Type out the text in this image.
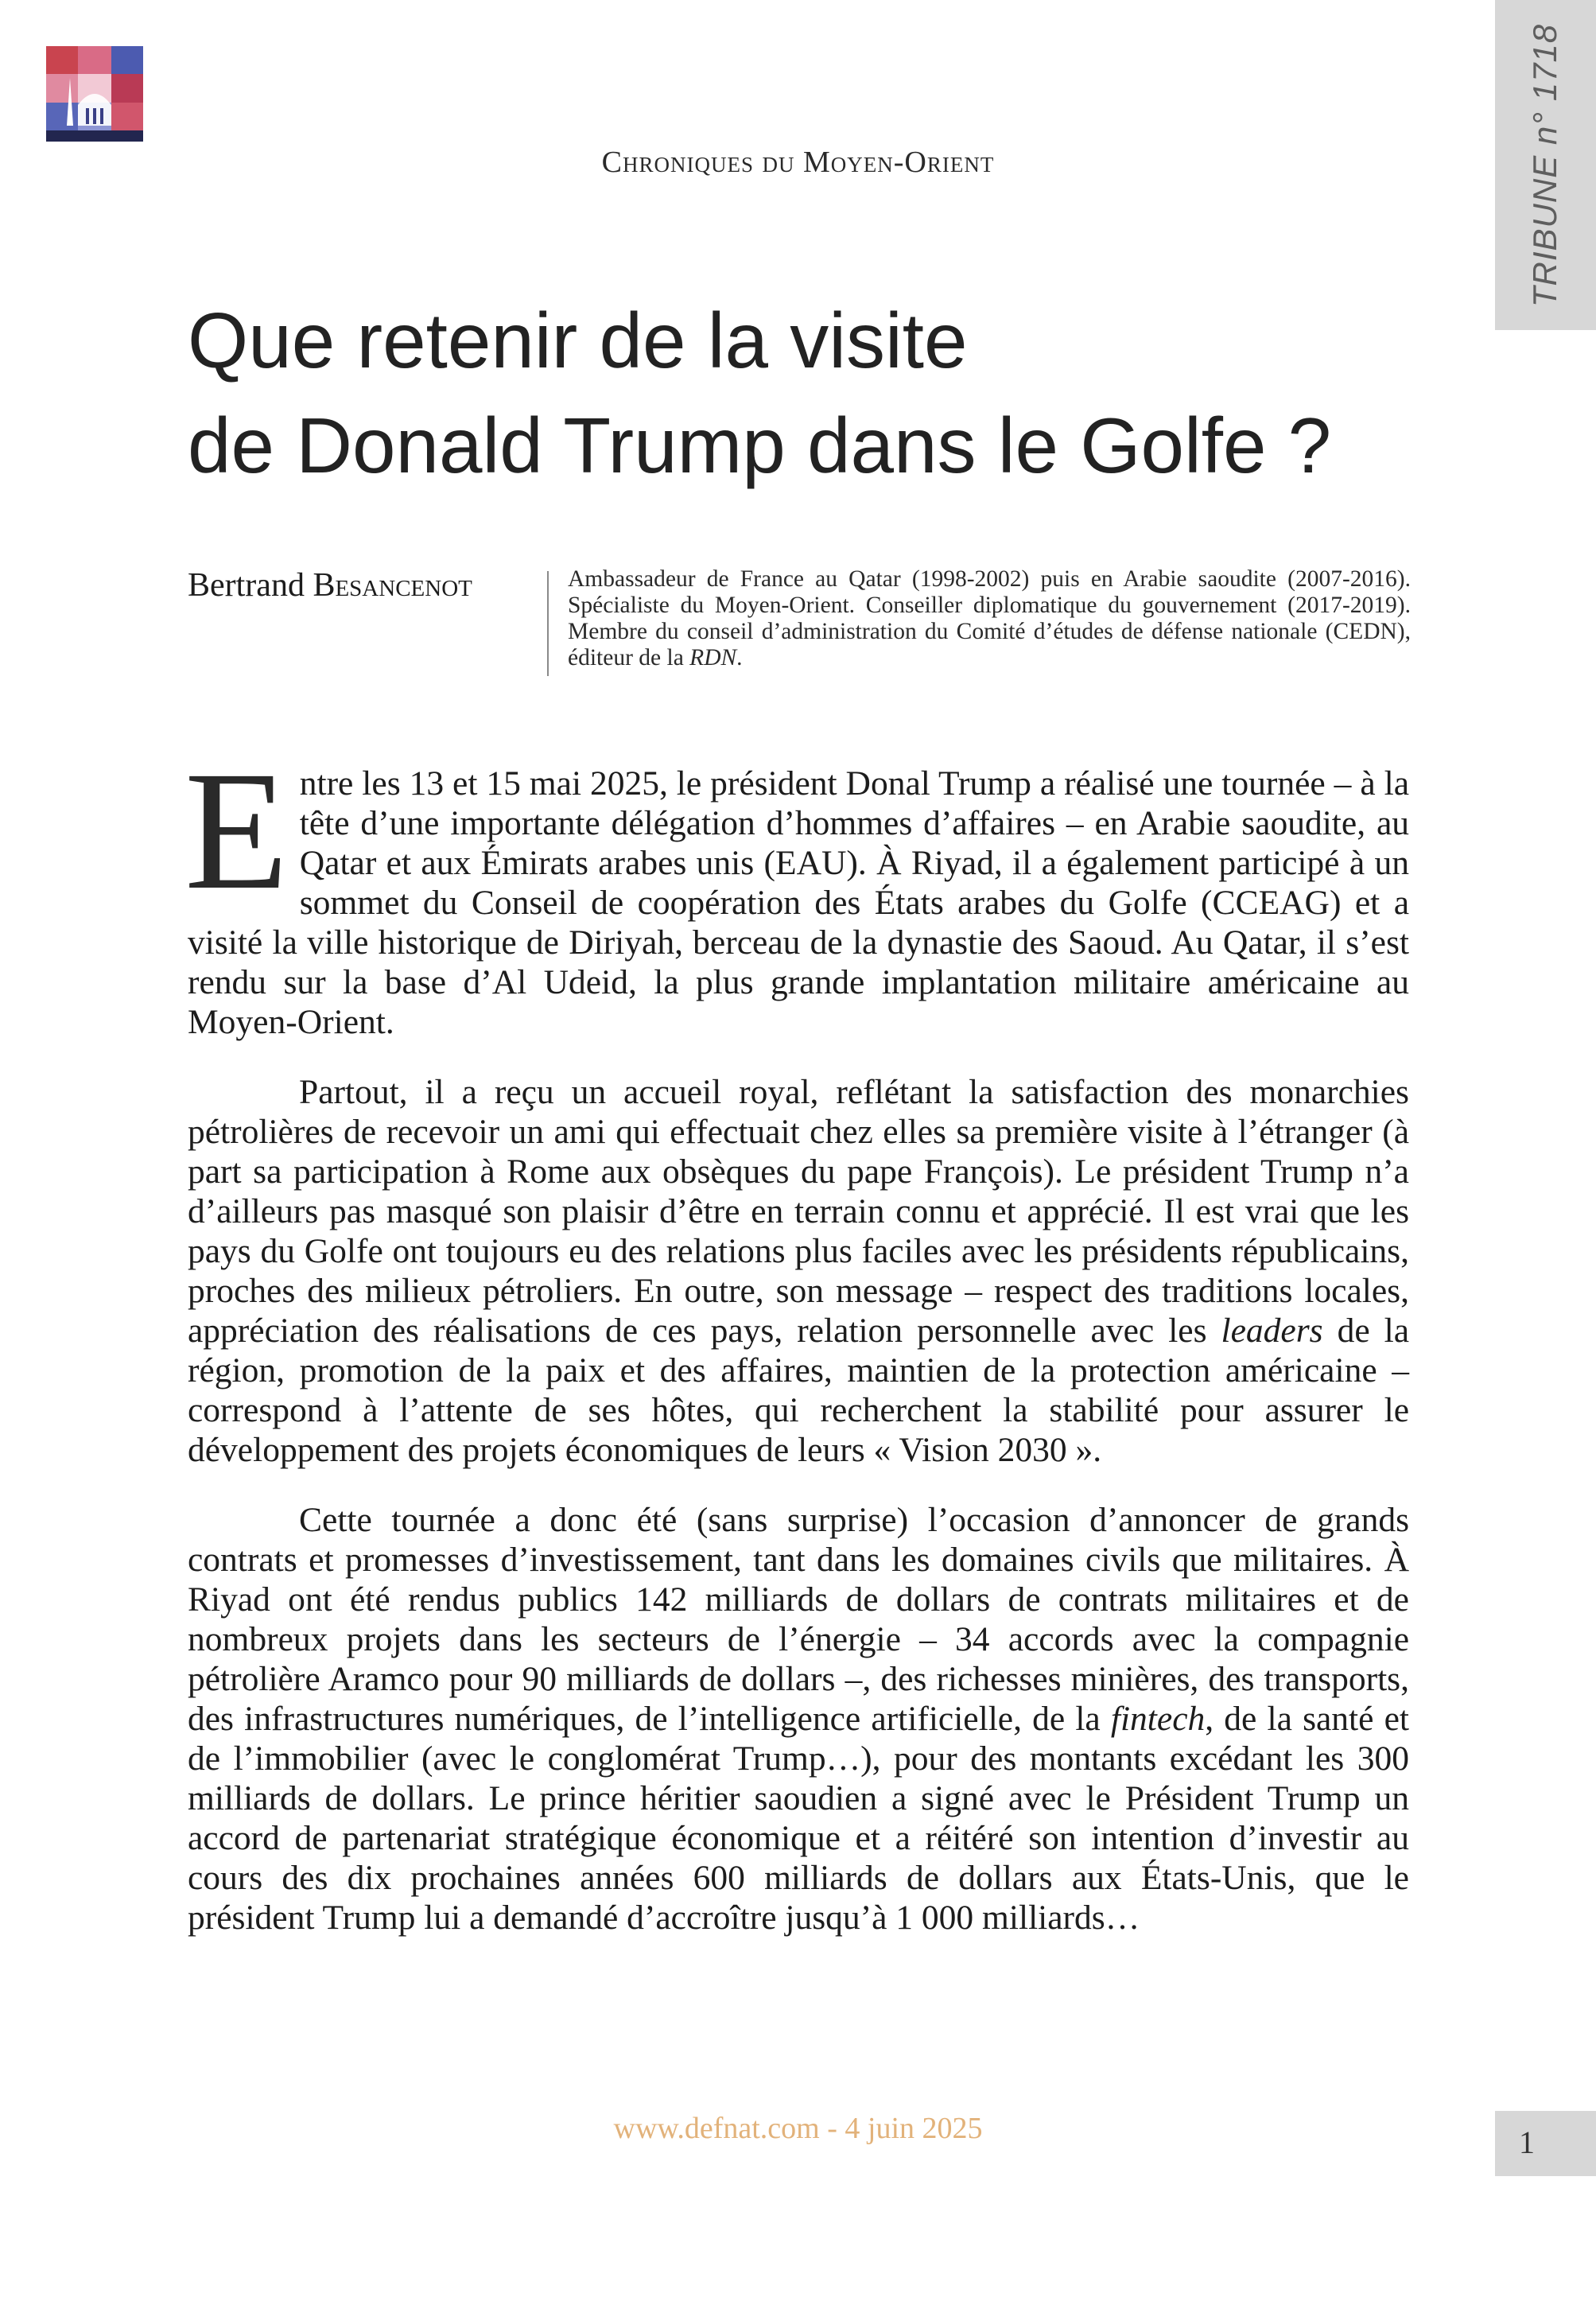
TRIBUNE n° 1718
Chroniques du Moyen-Orient
Que retenir de la visite
de Donald Trump dans le Golfe ?
Bertrand Besancenot	Ambassadeur de France au Qatar (1998-2002) puis en Arabie saoudite (2007-2016). Spécialiste du Moyen-Orient. Conseiller diplomatique du gouvernement (2017-2019). Membre du conseil d’administration du Comité d’études de défense nationale (CEDN), éditeur de la RDN.

Entre les 13 et 15 mai 2025, le président Donal Trump a réalisé une tournée – à la tête d’une importante délégation d’hommes d’affaires – en Arabie saoudite, au Qatar et aux Émirats arabes unis (EAU). À Riyad, il a également participé à un sommet du Conseil de coopération des États arabes du Golfe (CCEAG) et a visité la ville historique de Diriyah, berceau de la dynastie des Saoud. Au Qatar, il s’est rendu sur la base d’Al Udeid, la plus grande implantation militaire américaine au Moyen-Orient.

Partout, il a reçu un accueil royal, reflétant la satisfaction des monarchies pétrolières de recevoir un ami qui effectuait chez elles sa première visite à l’étranger (à part sa participation à Rome aux obsèques du pape François). Le président Trump n’a d’ailleurs pas masqué son plaisir d’être en terrain connu et apprécié. Il est vrai que les pays du Golfe ont toujours eu des relations plus faciles avec les présidents républicains, proches des milieux pétroliers. En outre, son message – respect des traditions locales, appréciation des réalisations de ces pays, relation personnelle avec les leaders de la région, promotion de la paix et des affaires, maintien de la protection américaine – correspond à l’attente de ses hôtes, qui recherchent la stabilité pour assurer le développement des projets économiques de leurs « Vision 2030 ».

Cette tournée a donc été (sans surprise) l’occasion d’annoncer de grands contrats et promesses d’investissement, tant dans les domaines civils que militaires. À Riyad ont été rendus publics 142 milliards de dollars de contrats militaires et de nombreux projets dans les secteurs de l’énergie – 34 accords avec la compagnie pétrolière Aramco pour 90 milliards de dollars –, des richesses minières, des transports, des infrastructures numériques, de l’intelligence artificielle, de la fintech, de la santé et de l’immobilier (avec le conglomérat Trump…), pour des montants excédant les 300 milliards de dollars. Le prince héritier saoudien a signé avec le Président Trump un accord de partenariat stratégique économique et a réitéré son intention d’investir au cours des dix prochaines années 600 milliards de dollars aux États-Unis, que le président Trump lui a demandé d’accroître jusqu’à 1 000 milliards…

www.defnat.com - 4 juin 2025	1
